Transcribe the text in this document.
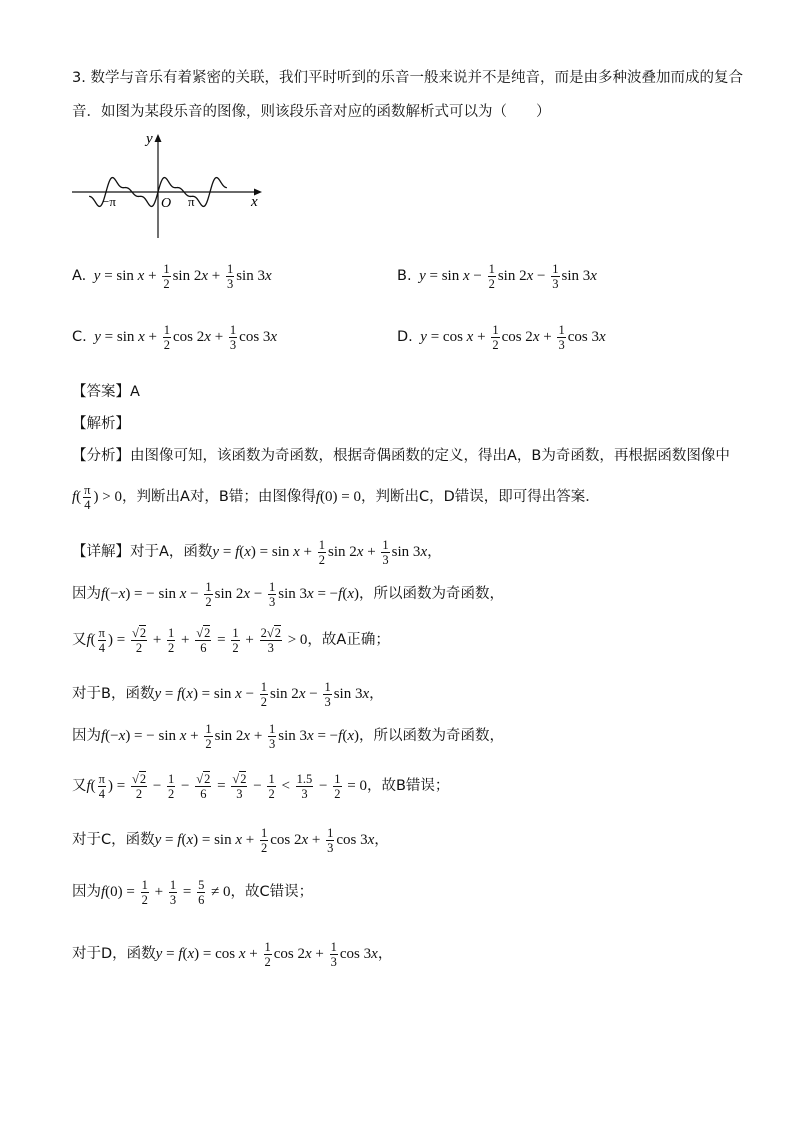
3. 数学与音乐有着紧密的关联，我们平时听到的乐音一般来说并不是纯音，而是由多种波叠加而成的复合
音．如图为某段乐音的图像，则该段乐音对应的函数解析式可以为（　　）
y
x
O
−π	π
A. $y = \sin x + \frac{1}{2}$ $\sin 2x + \frac{1}{3}$ sin 3x	B. $y = \sin x - \frac{1}{2}$ $\sin 2x - \frac{1}{3}$ sin 3x
C. $y = \sin x + \frac{1}{2}$ $\cos 2x + \frac{1}{3}$ cos 3x	D. $y = \cos x + \frac{1}{2}$ $\cos 2x + \frac{1}{3}$ cos 3x
【答案】A
【解析】
【分析】由图像可知，该函数为奇函数，根据奇偶函数的定义，得出A，B为奇函数，再根据函数图像中
$f( \frac{\pi}{4}$ ) > 0，判断出A对，B错；由图像得f(0) = 0，判断出C，D错误，即可得出答案．
【详解】对于A，函数$y = f(x) = \sin x + \frac{1}{2}$ $\sin 2x + \frac{1}{3}$ sin 3x，
因为f(−x) = − $\sin x - \frac{1}{2}$ $\sin 2x - \frac{1}{3}$ sin 3x = −f(x)，所以函数为奇函数，
又$f( \frac{\pi}{4}$ ) = $\frac{√2}{2} + \frac{1}{2} + \frac{√2}{6} = \frac{1}{2} + \frac{2√2}{3} > 0$，故A正确；
对于B，函数$y = f(x) = \sin x - \frac{1}{2}$ $\sin 2x - \frac{1}{3}$ sin 3x，
因为f(−x) = − $\sin x + \frac{1}{2}$ $\sin 2x + \frac{1}{3}$ sin 3x = −f(x)，所以函数为奇函数，
又$f( \frac{\pi}{4}$ ) = $\frac{√2}{2} - \frac{1}{2} - \frac{√2}{6} = \frac{√2}{3} - \frac{1}{2} < \frac{1.5}{3} - \frac{1}{2} = 0$，故B错误；
对于C，函数$y = f(x) = \sin x + \frac{1}{2}$ $\cos 2x + \frac{1}{3}$ cos 3x，
因为$f(0) = \frac{1}{2} + \frac{1}{3} = \frac{5}{6} \ne 0$，故C错误；
对于D，函数$y = f(x) = \cos x + \frac{1}{2}$ $\cos 2x + \frac{1}{3}$ cos 3x，
